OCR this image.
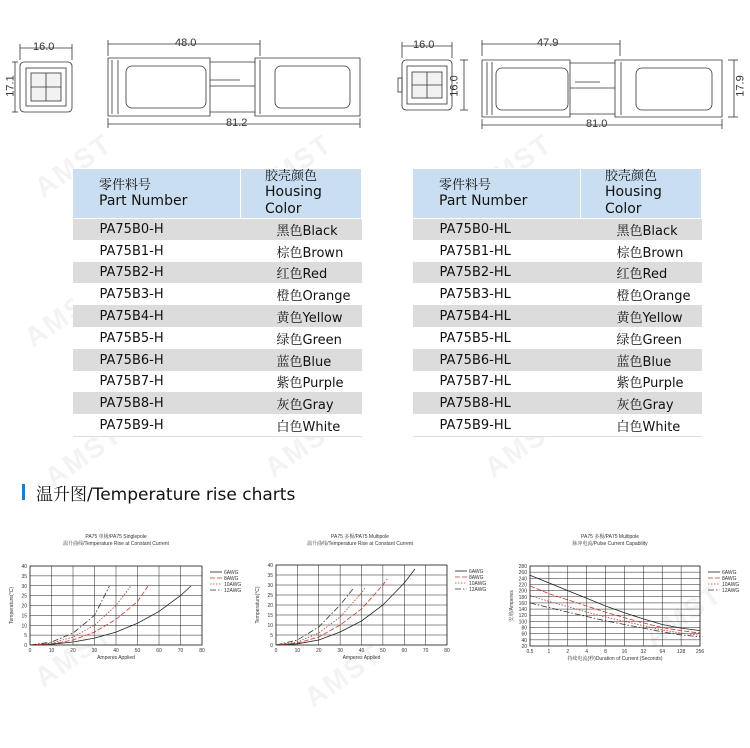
16.0
17.1
48.0
81.2
16.0
16.0
47.9
81.0
17.9
零件料号
Part Number	胶壳颜色
Housing Color

PA75B0-H	黑色Black
PA75B1-H	棕色Brown
PA75B2-H	红色Red
PA75B3-H	橙色Orange
PA75B4-H	黄色Yellow
PA75B5-H	绿色Green
PA75B6-H	蓝色Blue
PA75B7-H	紫色Purple
PA75B8-H	灰色Gray
PA75B9-H	白色White
零件料号
Part Number	胶壳颜色
Housing Color

PA75B0-HL	黑色Black
PA75B1-HL	棕色Brown
PA75B2-HL	红色Red
PA75B3-HL	橙色Orange
PA75B4-HL	黄色Yellow
PA75B5-HL	绿色Green
PA75B6-HL	蓝色Blue
PA75B7-HL	紫色Purple
PA75B8-HL	灰色Gray
PA75B9-HL	白色White
温升图/Temperature rise charts
PA75 单极/PA75 Singlepole
温升曲线/Temperature Rise at Constant Current
0	10	20	30	40	50	60	70	80
0
5
10
15
20
25
30
35
40
Amperes Applied
Temperature(°C)
6AWG
8AWG
10AWG
12AWG
PA75 多极/PA75 Multipole
温升曲线/Temperature Rise at Constant Current
0	10	20	30	40	50	60	70	80
0
5
10
15
20
25
30
35
40
Amperes Applied
Temperature(°C)
6AWG
8AWG
10AWG
12AWG
PA75 多极/PA75 Multipole
脉冲电流/Pulse Current Capability
0.5	1	2	4	8	16	32	64 128 256
20
40
60
80
100
120
140
160
180
200
220
240
260
280
持续电流(秒)Duration of Current (Seconds)
安培/Amperes
6AWG
8AWG
10AWG
12AWG
